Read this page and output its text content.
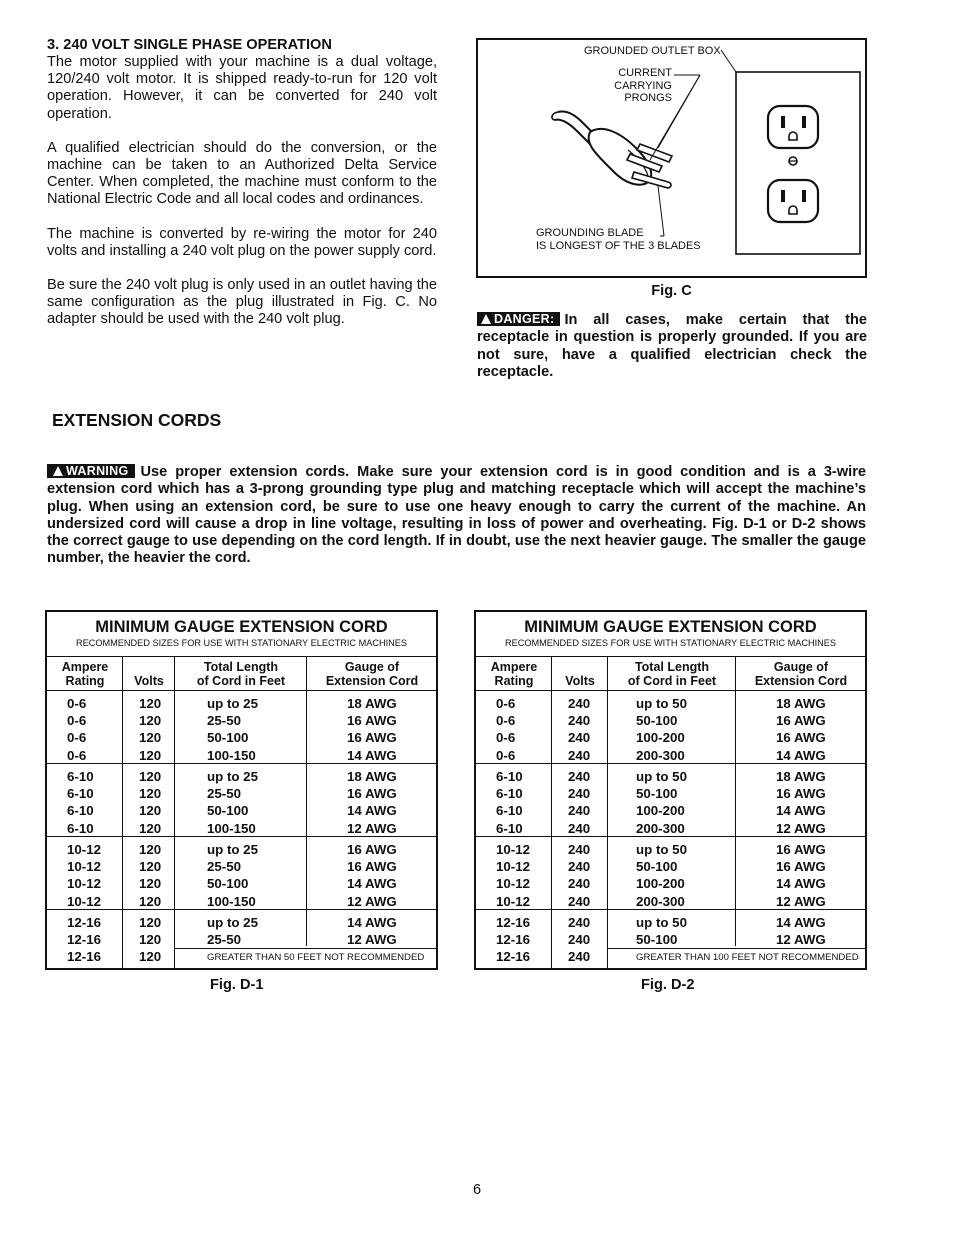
3. 240 VOLT SINGLE PHASE OPERATION

The motor supplied with your machine is a dual voltage, 120/240 volt motor. It is shipped ready-to-run for 120 volt operation. However, it can be converted for 240 volt operation.

A qualified electrician should do the conversion, or the machine can be taken to an Authorized Delta Service Center. When completed, the machine must conform to the National Electric Code and all local codes and ordinances.

The machine is converted by re-wiring the motor for 240 volts and installing a 240 volt plug on the power supply cord.

Be sure the 240 volt plug is only used in an outlet having the same configuration as the plug illustrated in Fig. C. No adapter should be used with the 240 volt plug.

GROUNDED OUTLET BOX
CURRENT
CARRYING
PRONGS
GROUNDING BLADE
IS LONGEST OF THE 3 BLADES
Fig. C
DANGER: In all cases, make certain that the receptacle in question is properly grounded. If you are not sure, have a qualified electrician check the receptacle.
EXTENSION CORDS
WARNING Use proper extension cords. Make sure your extension cord is in good condition and is a 3-wire extension cord which has a 3-prong grounding type plug and matching receptacle which will accept the machine’s plug. When using an extension cord, be sure to use one heavy enough to carry the current of the machine. An undersized cord will cause a drop in line voltage, resulting in loss of power and overheating. Fig. D-1 or D-2 shows the correct gauge to use depending on the cord length. If in doubt, use the next heavier gauge. The smaller the gauge number, the heavier the cord.
MINIMUM GAUGE EXTENSION CORD
RECOMMENDED SIZES FOR USE WITH STATIONARY ELECTRIC MACHINES
Ampere
Rating	Volts
Total Length
of Cord in Feet
Gauge of
Extension Cord
0-6
0-6
0-6
0-6
120
120
120
120
up to 25
25-50
50-100
100-150
18 AWG
16 AWG
16 AWG
14 AWG
6-10
6-10
6-10
6-10
120
120
120
120
up to 25
25-50
50-100
100-150
18 AWG
16 AWG
14 AWG
12 AWG
10-12
10-12
10-12
10-12
120
120
120
120
up to 25
25-50
50-100
100-150
16 AWG
16 AWG
14 AWG
12 AWG
12-16
12-16
12-16
120
120
120
up to 25
25-50
14 AWG
12 AWG
GREATER THAN 50 FEET NOT RECOMMENDED
Fig. D-1
MINIMUM GAUGE EXTENSION CORD
RECOMMENDED SIZES FOR USE WITH STATIONARY ELECTRIC MACHINES
Ampere
Rating	Volts
Total Length
of Cord in Feet
Gauge of
Extension Cord
0-6
0-6
0-6
0-6
240
240
240
240
up to 50
50-100
100-200
200-300
18 AWG
16 AWG
16 AWG
14 AWG
6-10
6-10
6-10
6-10
240
240
240
240
up to 50
50-100
100-200
200-300
18 AWG
16 AWG
14 AWG
12 AWG
10-12
10-12
10-12
10-12
240
240
240
240
up to 50
50-100
100-200
200-300
16 AWG
16 AWG
14 AWG
12 AWG
12-16
12-16
12-16
240
240
240
up to 50
50-100
14 AWG
12 AWG
GREATER THAN 100 FEET NOT RECOMMENDED
Fig. D-2
6
